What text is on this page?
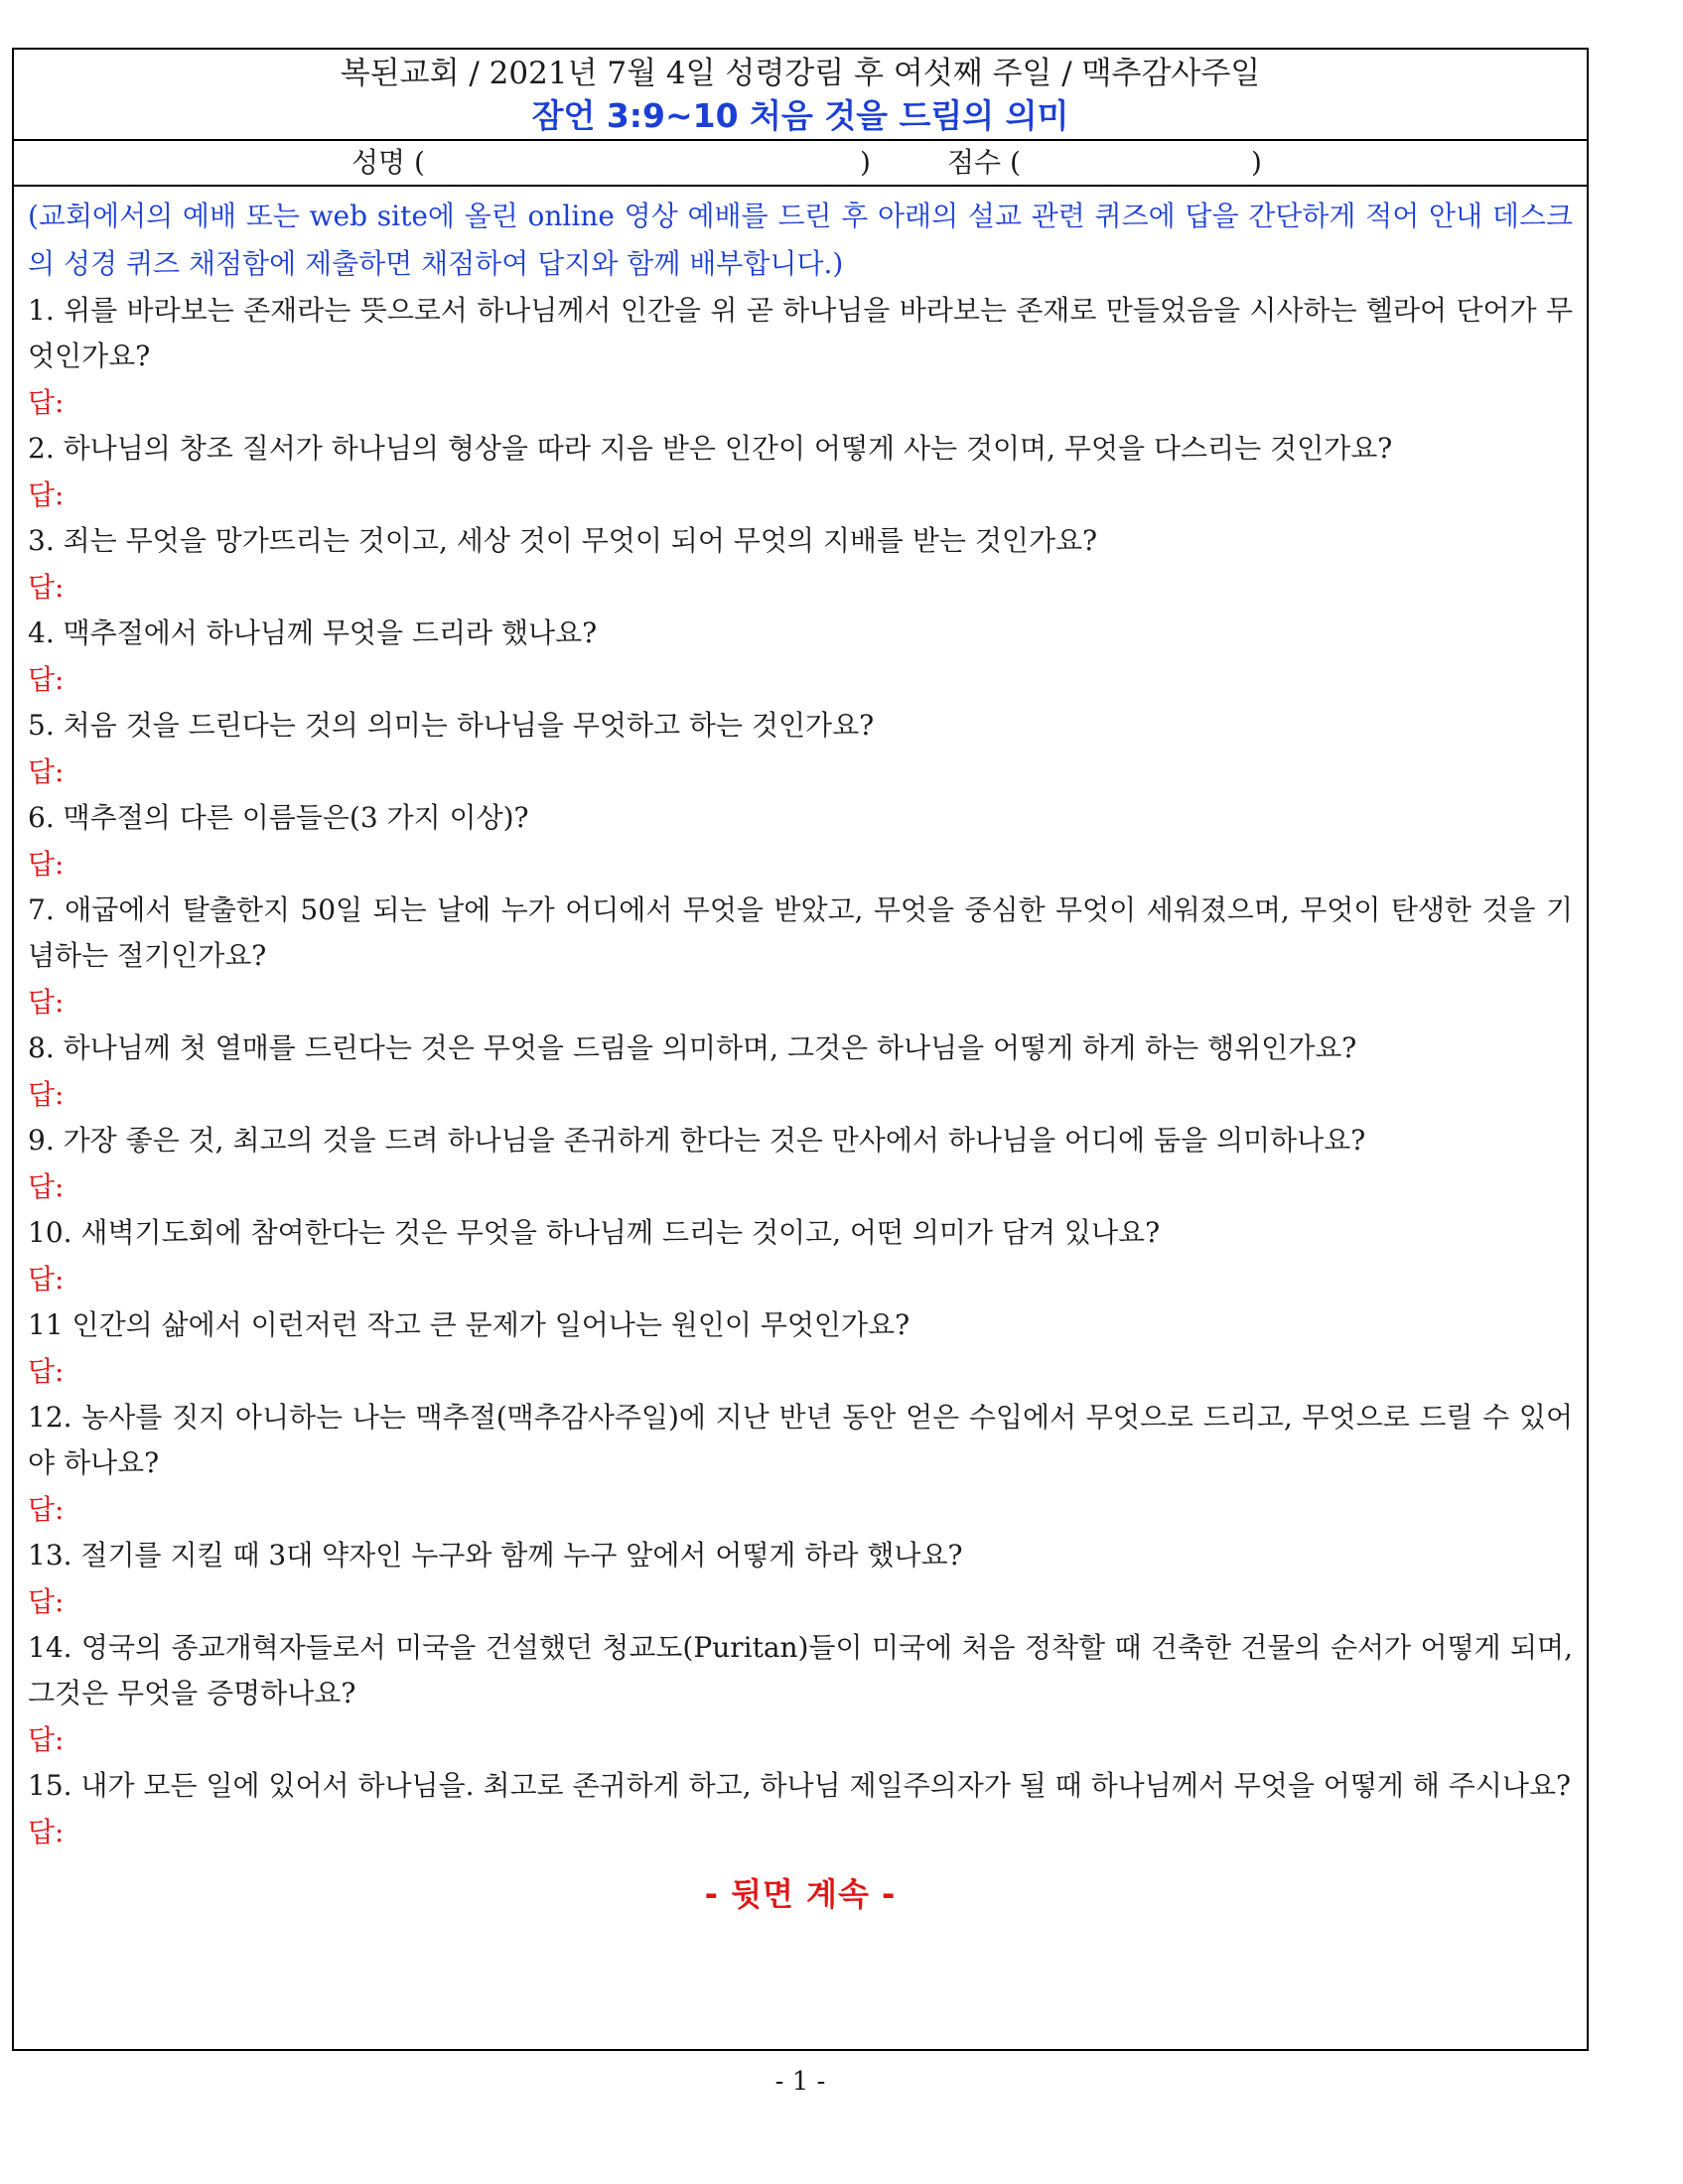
복된교회 / 2021년 7월 4일 성령강림 후 여섯째 주일 / 맥추감사주일
잠언 3:9~10 처음 것을 드림의 의미
성명 (	)	점수 (	)
(교회에서의 예배 또는 web site에 올린 online 영상 예배를 드린 후 아래의 설교 관련 퀴즈에 답을 간단하게 적어 안내 데스크의 성경 퀴즈 채점함에 제출하면 채점하여 답지와 함께 배부합니다.)
1. 위를 바라보는 존재라는 뜻으로서 하나님께서 인간을 위 곧 하나님을 바라보는 존재로 만들었음을 시사하는 헬라어 단어가 무엇인가요?
답:
2. 하나님의 창조 질서가 하나님의 형상을 따라 지음 받은 인간이 어떻게 사는 것이며, 무엇을 다스리는 것인가요?
답:
3. 죄는 무엇을 망가뜨리는 것이고, 세상 것이 무엇이 되어 무엇의 지배를 받는 것인가요?
답:
4. 맥추절에서 하나님께 무엇을 드리라 했나요?
답:
5. 처음 것을 드린다는 것의 의미는 하나님을 무엇하고 하는 것인가요?
답:
6. 맥추절의 다른 이름들은(3 가지 이상)?
답:
7. 애굽에서 탈출한지 50일 되는 날에 누가 어디에서 무엇을 받았고, 무엇을 중심한 무엇이 세워졌으며, 무엇이 탄생한 것을 기념하는 절기인가요?
답:
8. 하나님께 첫 열매를 드린다는 것은 무엇을 드림을 의미하며, 그것은 하나님을 어떻게 하게 하는 행위인가요?
답:
9. 가장 좋은 것, 최고의 것을 드려 하나님을 존귀하게 한다는 것은 만사에서 하나님을 어디에 둠을 의미하나요?
답:
10. 새벽기도회에 참여한다는 것은 무엇을 하나님께 드리는 것이고, 어떤 의미가 담겨 있나요?
답:
11 인간의 삶에서 이런저런 작고 큰 문제가 일어나는 원인이 무엇인가요?
답:
12. 농사를 짓지 아니하는 나는 맥추절(맥추감사주일)에 지난 반년 동안 얻은 수입에서 무엇으로 드리고, 무엇으로 드릴 수 있어야 하나요?
답:
13. 절기를 지킬 때 3대 약자인 누구와 함께 누구 앞에서 어떻게 하라 했나요?
답:
14. 영국의 종교개혁자들로서 미국을 건설했던 청교도(Puritan)들이 미국에 처음 정착할 때 건축한 건물의 순서가 어떻게 되며, 그것은 무엇을 증명하나요?
답:
15. 내가 모든 일에 있어서 하나님을. 최고로 존귀하게 하고, 하나님 제일주의자가 될 때 하나님께서 무엇을 어떻게 해 주시나요?
답:
- 뒷면 계속 -
- 1 -
